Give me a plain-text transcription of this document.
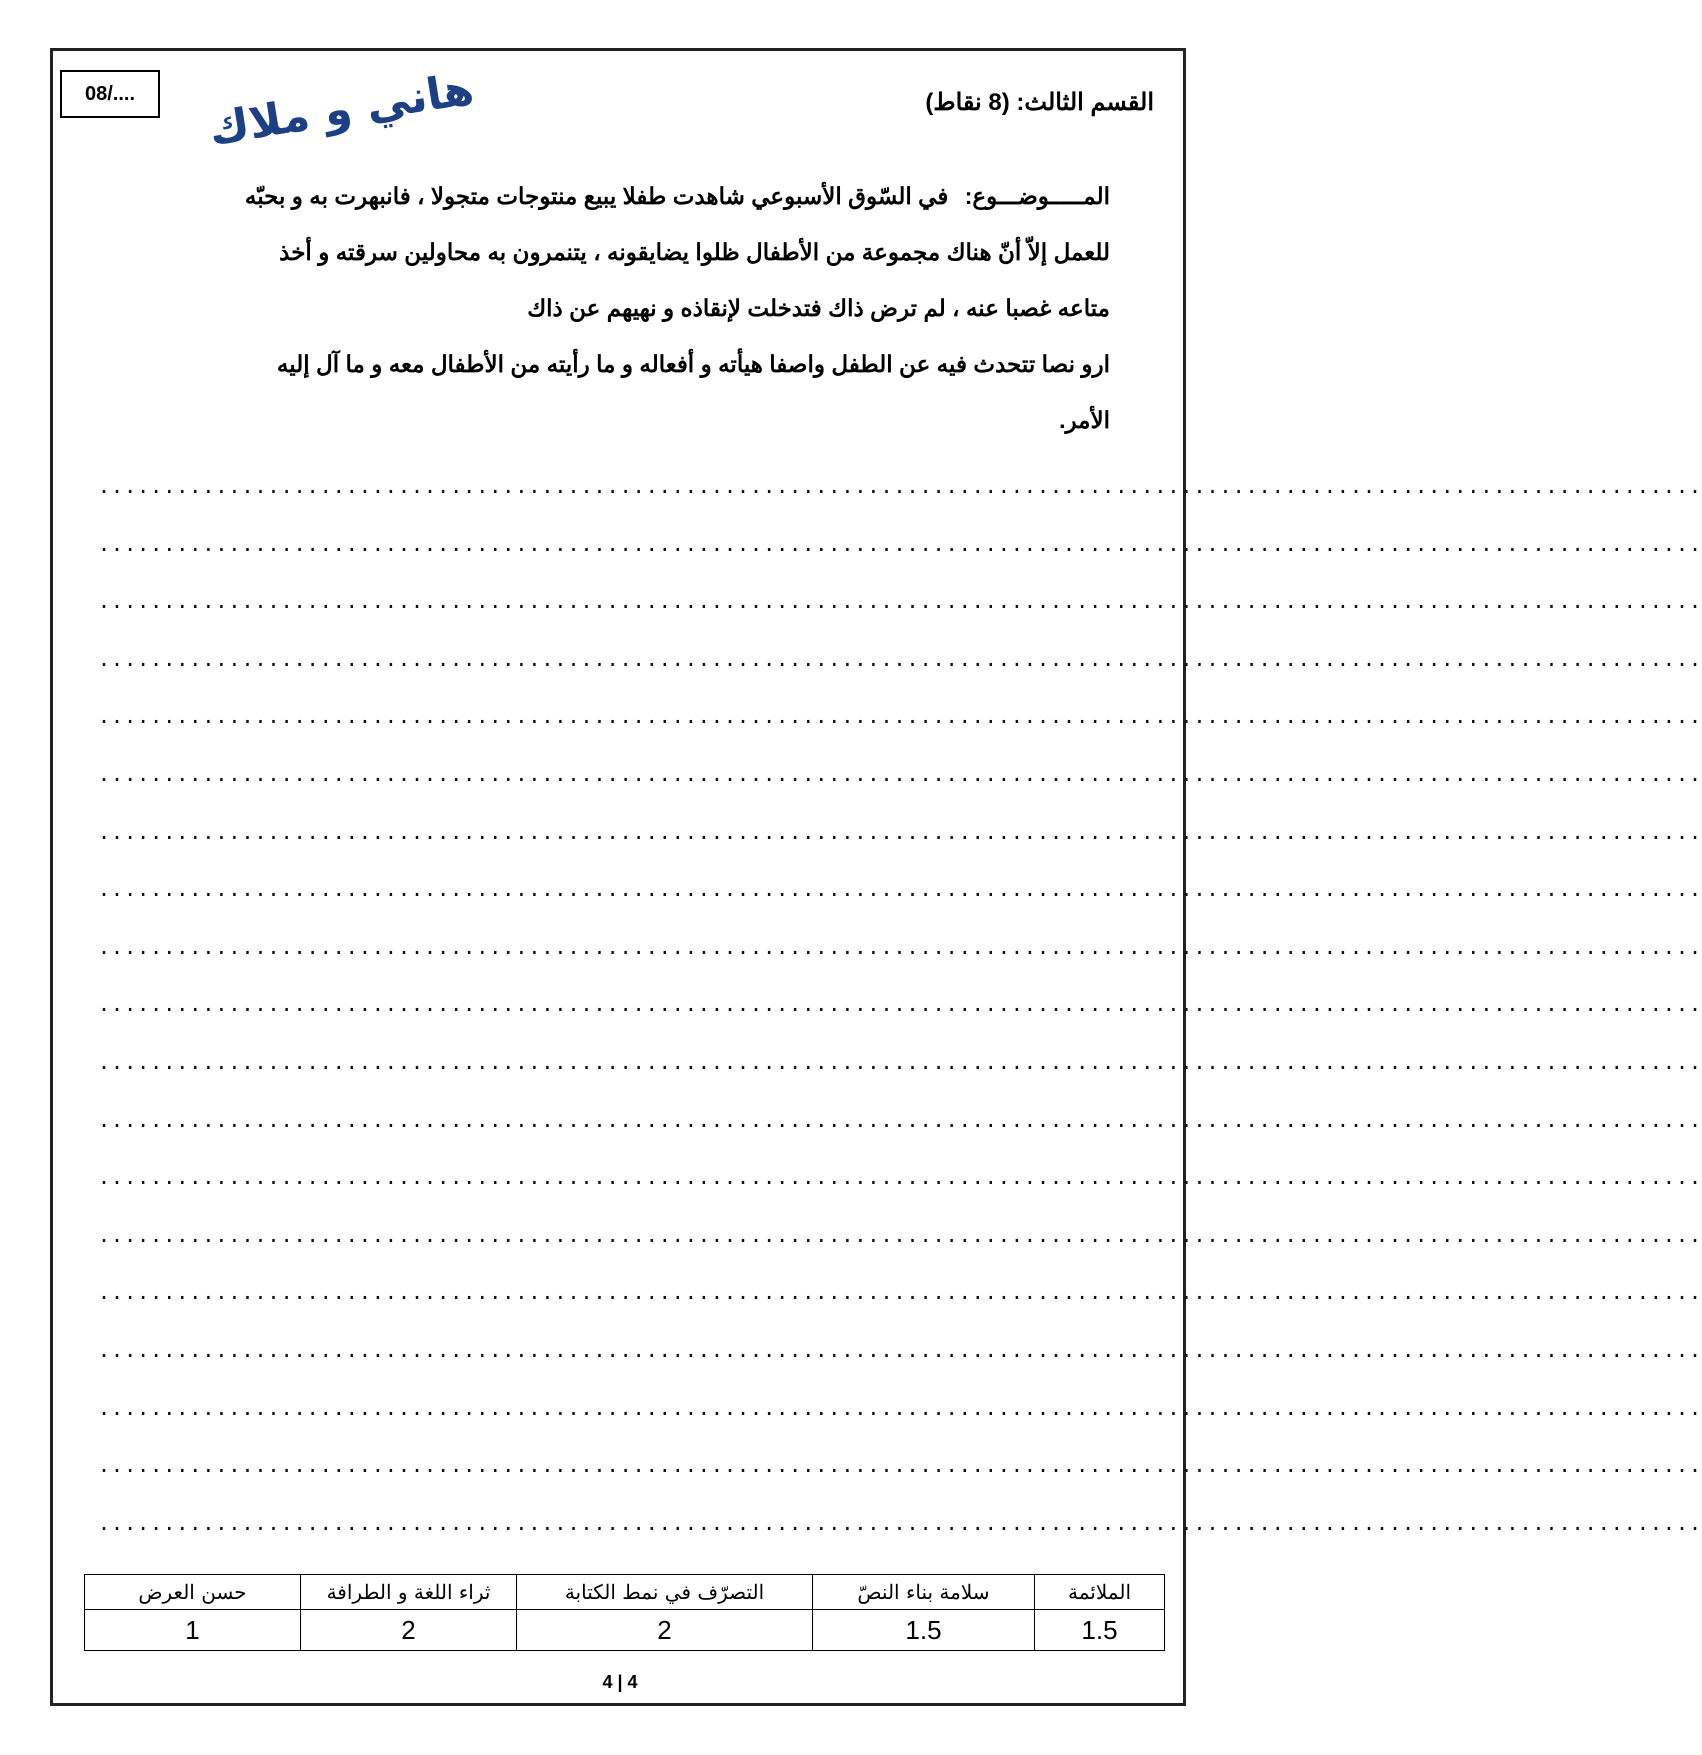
08/.... هاني و ملاك	القسم الثالث: (8 نقاط)

المـــــوضـــوع: في السّوق الأسبوعي شاهدت طفلا يبيع منتوجات متجولا ، فانبهرت به و بحبّه

للعمل إلاّ أنّ هناك مجموعة من الأطفال ظلوا يضايقونه ، يتنمرون به محاولين سرقته و أخذ

متاعه غصبا عنه ، لم ترض ذاك فتدخلت لإنقاذه و نهيهم عن ذاك

ارو نصا تتحدث فيه عن الطفل واصفا هيأته و أفعاله و ما رأيته من الأطفال معه و ما آل إليه

الأمر.

...........................................................................................................................
...........................................................................................................................
...........................................................................................................................
...........................................................................................................................
...........................................................................................................................
...........................................................................................................................
...........................................................................................................................
...........................................................................................................................
...........................................................................................................................
...........................................................................................................................
...........................................................................................................................
...........................................................................................................................
...........................................................................................................................
...........................................................................................................................
...........................................................................................................................
...........................................................................................................................
...........................................................................................................................
...........................................................................................................................
...........................................................................................................................
الملائمة	سلامة بناء النصّ	التصرّف في نمط الكتابة	ثراء اللغة و الطرافة	حسن العرض
1.5	1.5	2	2	1
4 | 4
